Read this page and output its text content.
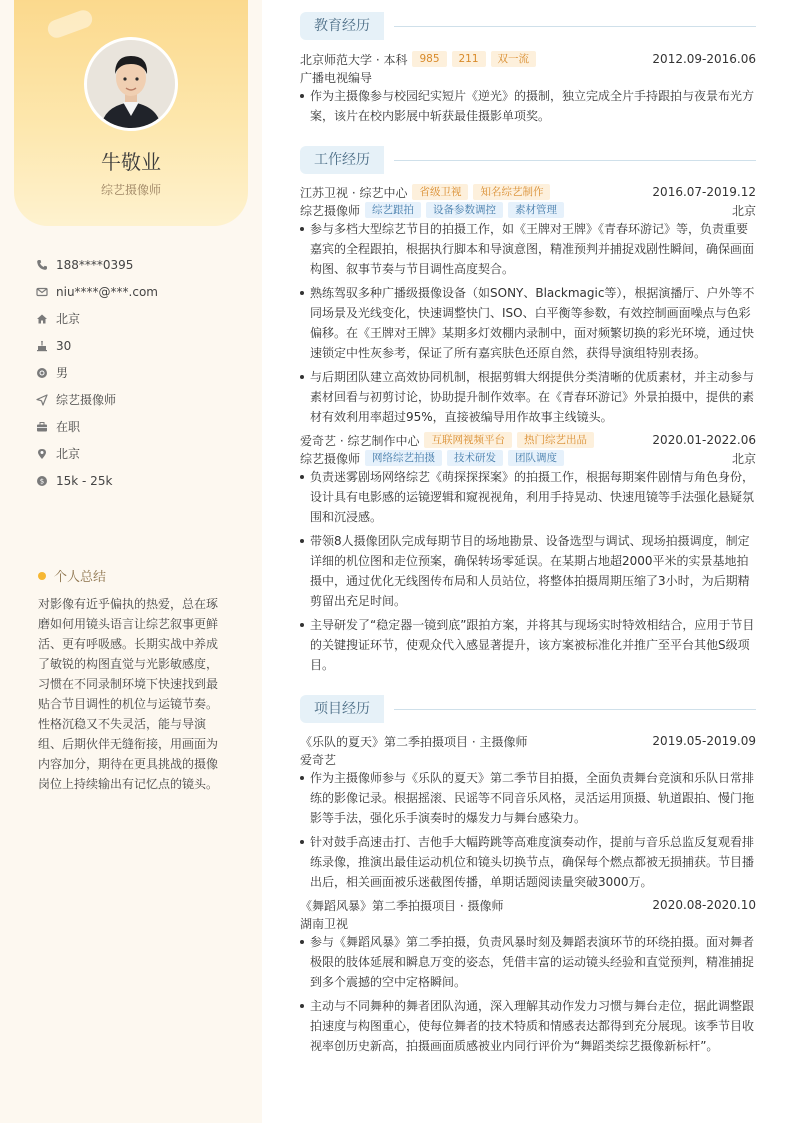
牛敬业
综艺摄像师
188****0395
niu****@***.com
北京
30
男
综艺摄像师
在职
北京
$ 15k - 25k
个人总结
对影像有近乎偏执的热爱，总在琢磨如何用镜头语言让综艺叙事更鲜活、更有呼吸感。长期实战中养成了敏锐的构图直觉与光影敏感度，习惯在不同录制环境下快速找到最贴合节目调性的机位与运镜节奏。性格沉稳又不失灵活，能与导演组、后期伙伴无缝衔接，用画面为内容加分，期待在更具挑战的摄像岗位上持续输出有记忆点的镜头。
教育经历
北京师范大学 · 本科	985	211	双一流	2012.09-2016.06
广播电视编导
作为主摄像参与校园纪实短片《逆光》的摄制，独立完成全片手持跟拍与夜景布光方案，该片在校内影展中斩获最佳摄影单项奖。
工作经历
江苏卫视 · 综艺中心	省级卫视	知名综艺制作	2016.07-2019.12
综艺摄像师	综艺跟拍	设备参数调控	素材管理	北京
参与多档大型综艺节目的拍摄工作，如《王牌对王牌》《青春环游记》等，负责重要嘉宾的全程跟拍，根据执行脚本和导演意图，精准预判并捕捉戏剧性瞬间，确保画面构图、叙事节奏与节目调性高度契合。
熟练驾驭多种广播级摄像设备（如SONY、Blackmagic等），根据演播厅、户外等不同场景及光线变化，快速调整快门、ISO、白平衡等参数，有效控制画面噪点与色彩偏移。在《王牌对王牌》某期多灯效棚内录制中，面对频繁切换的彩光环境，通过快速锁定中性灰参考，保证了所有嘉宾肤色还原自然，获得导演组特别表扬。
与后期团队建立高效协同机制，根据剪辑大纲提供分类清晰的优质素材，并主动参与素材回看与初剪讨论，协助提升制作效率。在《青春环游记》外景拍摄中，提供的素材有效利用率超过95%，直接被编导用作故事主线镜头。
爱奇艺 · 综艺制作中心	互联网视频平台	热门综艺出品	2020.01-2022.06
综艺摄像师	网络综艺拍摄	技术研发	团队调度	北京
负责迷雾剧场网络综艺《萌探探探案》的拍摄工作，根据每期案件剧情与角色身份，设计具有电影感的运镜逻辑和窥视视角，利用手持晃动、快速甩镜等手法强化悬疑氛围和沉浸感。
带领8人摄像团队完成每期节目的场地勘景、设备选型与调试、现场拍摄调度，制定详细的机位图和走位预案，确保转场零延误。在某期占地超2000平米的实景基地拍摄中，通过优化无线图传布局和人员站位，将整体拍摄周期压缩了3小时，为后期精剪留出充足时间。
主导研发了“稳定器一镜到底”跟拍方案，并将其与现场实时特效相结合，应用于节目的关键搜证环节，使观众代入感显著提升，该方案被标准化并推广至平台其他S级项目。
项目经历
《乐队的夏天》第二季拍摄项目 · 主摄像师	2019.05-2019.09
爱奇艺
作为主摄像师参与《乐队的夏天》第二季节目拍摄，全面负责舞台竞演和乐队日常排练的影像记录。根据摇滚、民谣等不同音乐风格，灵活运用顶摄、轨道跟拍、慢门拖影等手法，强化乐手演奏时的爆发力与舞台感染力。
针对鼓手高速击打、吉他手大幅跨跳等高难度演奏动作，提前与音乐总监反复观看排练录像，推演出最佳运动机位和镜头切换节点，确保每个燃点都被无损捕获。节目播出后，相关画面被乐迷截图传播，单期话题阅读量突破3000万。
《舞蹈风暴》第二季拍摄项目 · 摄像师	2020.08-2020.10
湖南卫视
参与《舞蹈风暴》第二季拍摄，负责风暴时刻及舞蹈表演环节的环绕拍摄。面对舞者极限的肢体延展和瞬息万变的姿态，凭借丰富的运动镜头经验和直觉预判，精准捕捉到多个震撼的空中定格瞬间。
主动与不同舞种的舞者团队沟通，深入理解其动作发力习惯与舞台走位，据此调整跟拍速度与构图重心，使每位舞者的技术特质和情感表达都得到充分展现。该季节目收视率创历史新高，拍摄画面质感被业内同行评价为“舞蹈类综艺摄像新标杆”。
